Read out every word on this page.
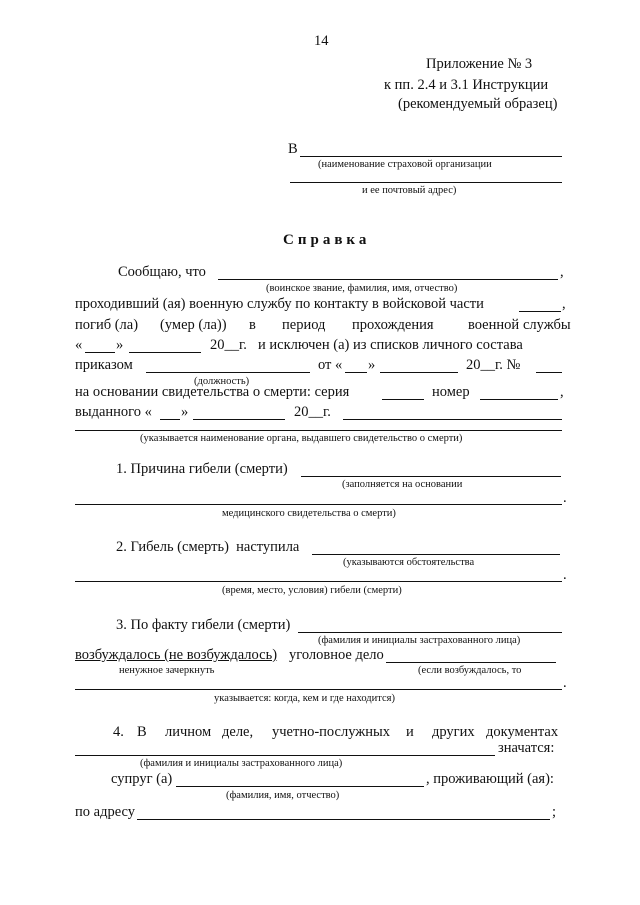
14
Приложение № 3
к пп. 2.4 и 3.1 Инструкции
(рекомендуемый образец)
В
(наименование страховой организации
и ее почтовый адрес)
Справка
Сообщаю, что	,
(воинское звание, фамилия, имя, отчество)
проходивший (ая) военную службу по контакту в войсковой части	,
погиб (ла) (умер (ла)) в период прохождения военной службы
« »	20__г. и исключен (а) из списков личного состава
приказом	от « »	20__г. №
(должность)
на основании свидетельства о смерти: серия	номер	,
выданного « »	20__г.
(указывается наименование органа, выдавшего свидетельство о смерти)
1. Причина гибели (смерти)
(заполняется на основании
.
медицинского свидетельства о смерти)
2. Гибель (смерть)  наступила
(указываются обстоятельства
.
(время, место, условия) гибели (смерти)
3. По факту гибели (смерти)
(фамилия и инициалы застрахованного лица)
возбуждалось (не возбуждалось) уголовное дело
ненужное зачеркнуть	(если возбуждалось, то
.
указывается: когда, кем и где находится)
4. В личном деле, учетно-послужных и других документах
значатся:
(фамилия и инициалы застрахованного лица)
супруг (а)	, проживающий (ая):
(фамилия, имя, отчество)
по адресу	;
